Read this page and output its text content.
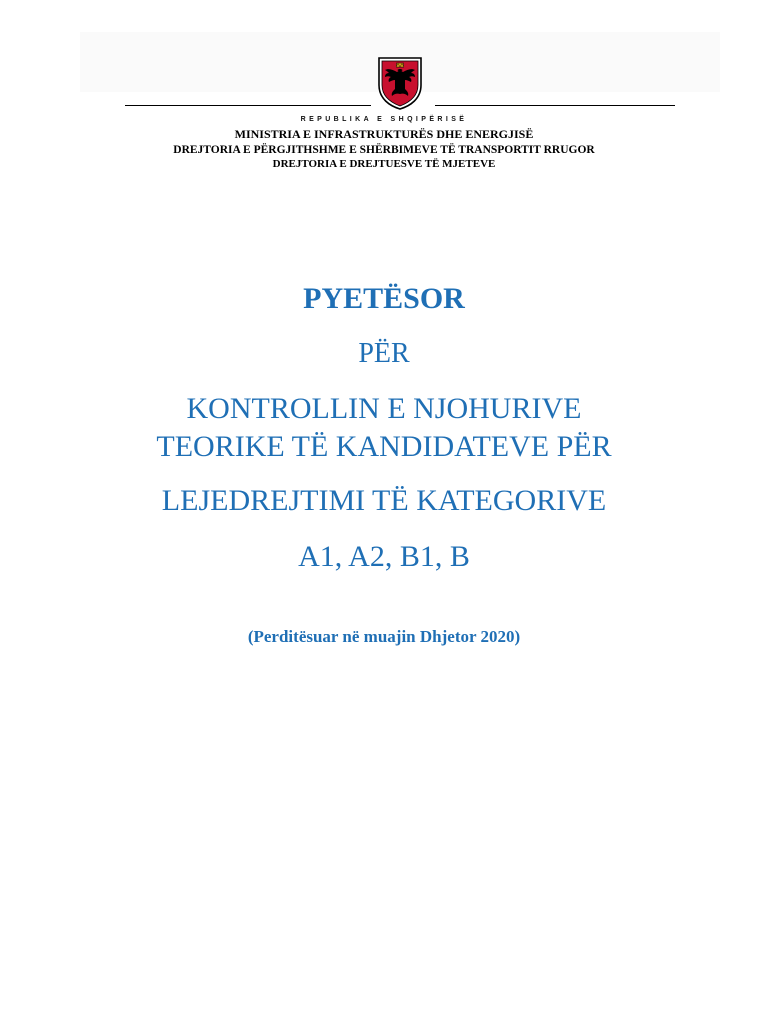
REPUBLIKA E SHQIPËRISË
MINISTRIA E INFRASTRUKTURËS DHE ENERGJISË
DREJTORIA E PËRGJITHSHME E SHËRBIMEVE TË TRANSPORTIT RRUGOR
DREJTORIA E DREJTUESVE TË MJETEVE
PYETËSOR
PËR
KONTROLLIN E NJOHURIVE
TEORIKE TË KANDIDATEVE PËR
LEJEDREJTIMI TË KATEGORIVE
A1, A2, B1, B
(Perditësuar në muajin Dhjetor 2020)
